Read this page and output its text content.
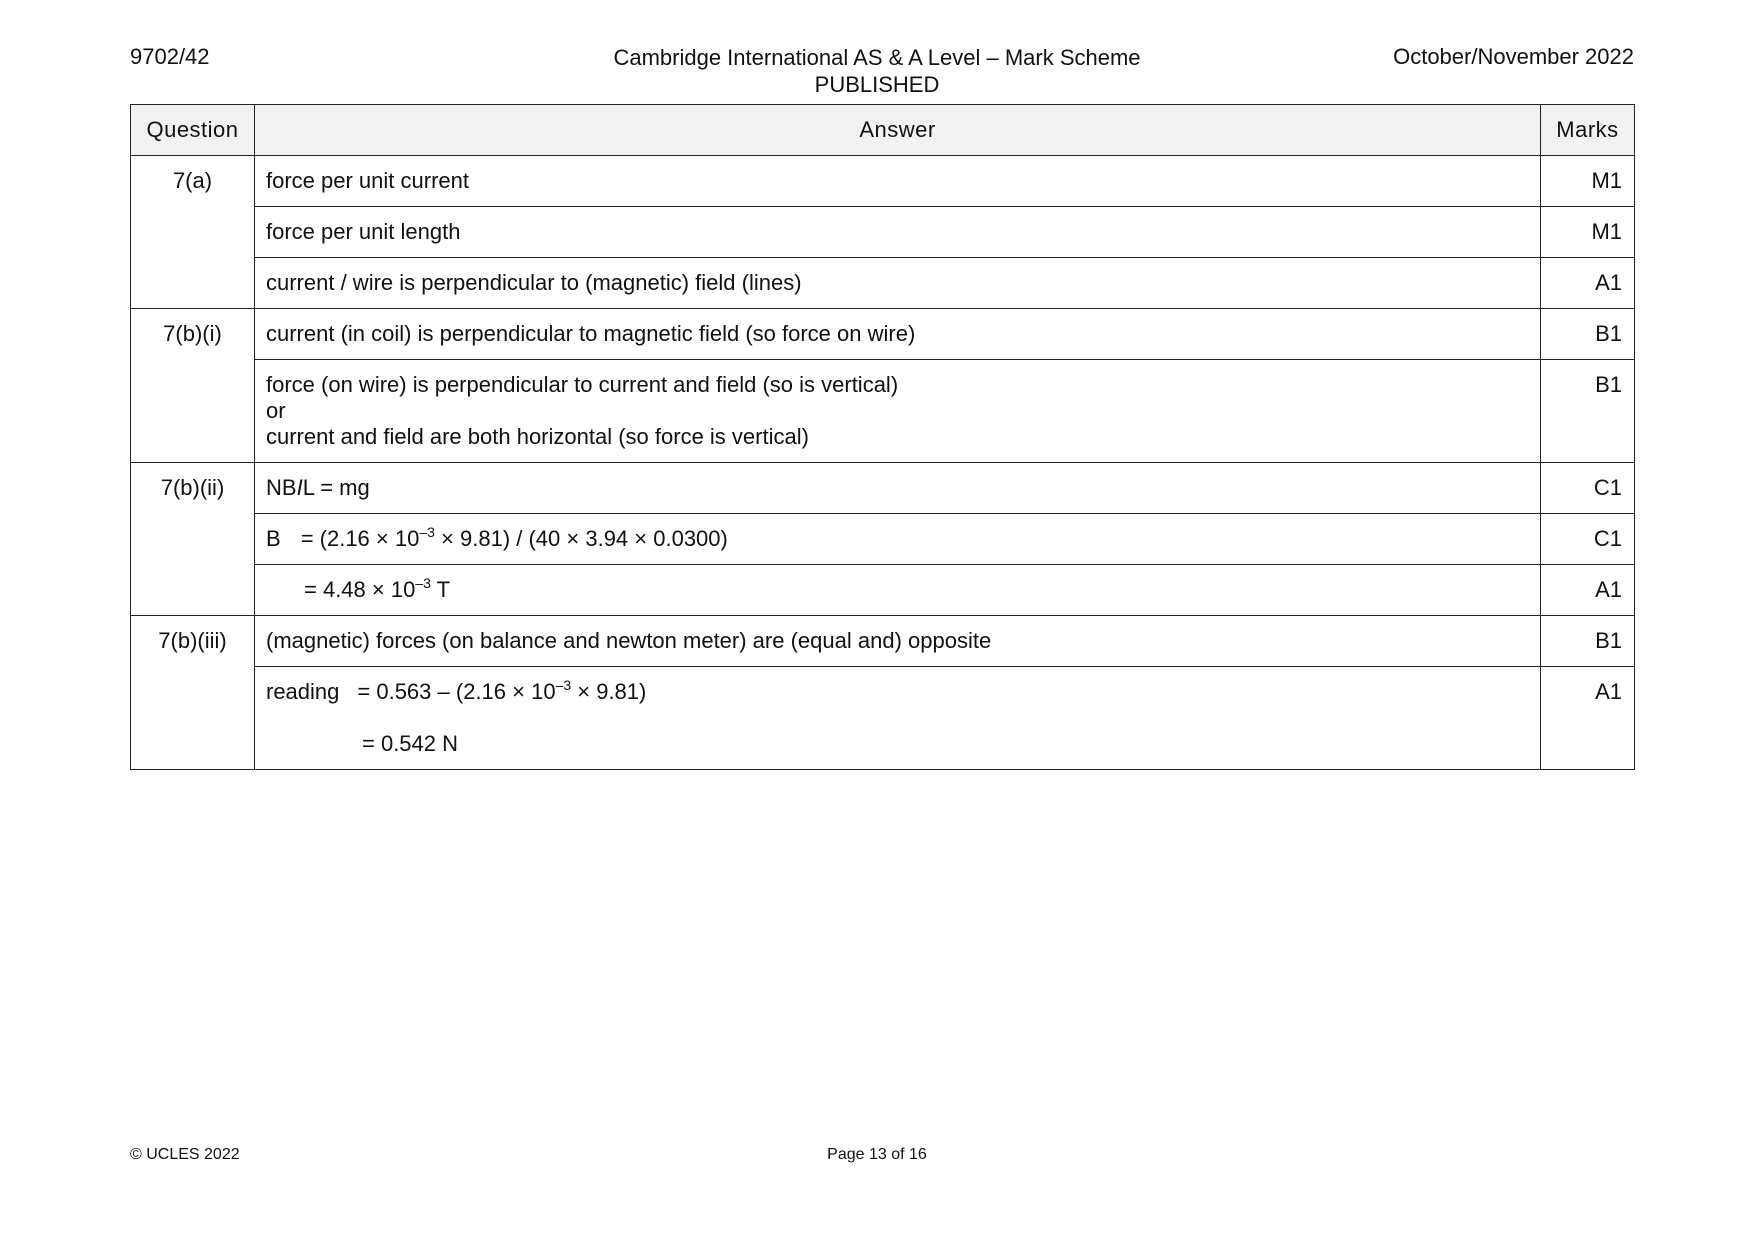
9702/42	Cambridge International AS & A Level – Mark Scheme
PUBLISHED
October/November 2022
Question	Answer	Marks
7(a)	force per unit current	M1
	force per unit length	M1
	current / wire is perpendicular to (magnetic) field (lines)	A1
7(b)(i)	current (in coil) is perpendicular to magnetic field (so force on wire)	B1

	force (on wire) is perpendicular to current and field (so is vertical)
or
current and field are both horizontal (so force is vertical)	B1
7(b)(ii)	NBIL = mg	C1
	$B = (2.16 \times 10^{-3} \times 9.81) / (40 \times 3.94 \times 0.0300)$	C1
	= $4.48 \times 10^{-3}$ T	A1
7(b)(iii)	(magnetic) forces (on balance and newton meter) are (equal and) opposite	B1

	reading = $0.563 - (2.16 \times 10^{-3} \times 9.81)$
= 0.542 N	A1
© UCLES 2022	Page 13 of 16
